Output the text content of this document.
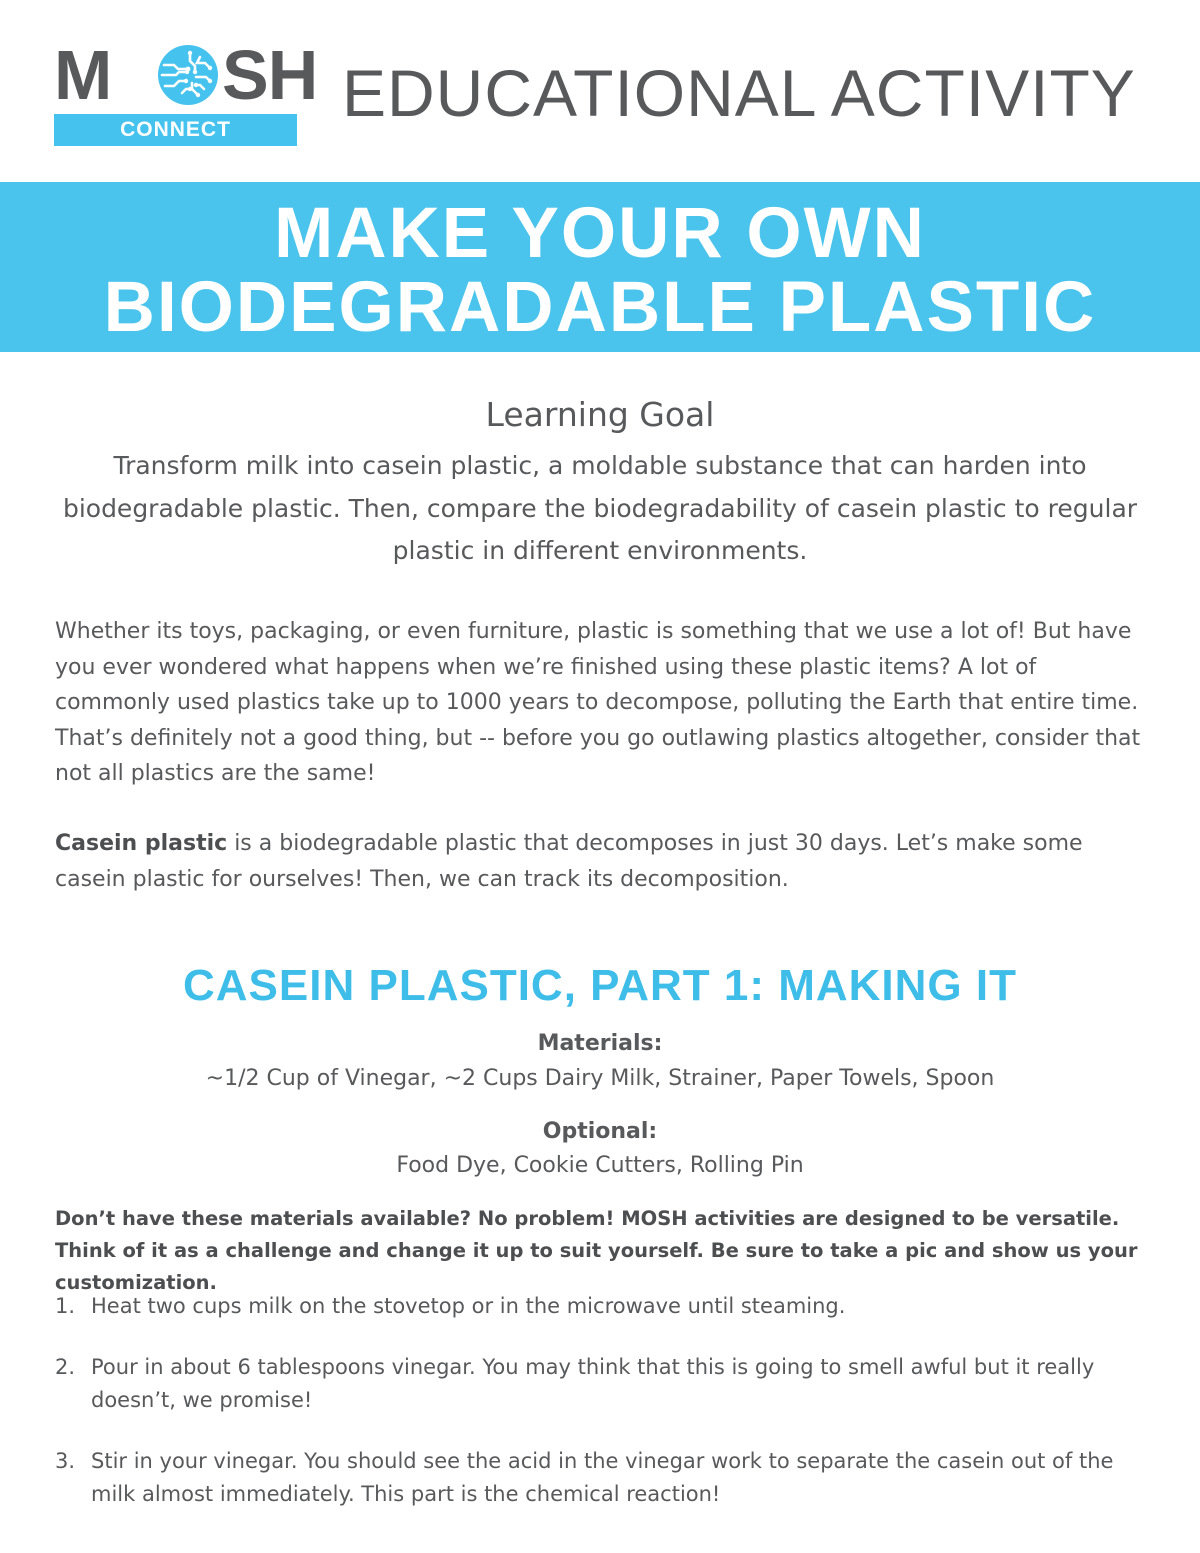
M SH
CONNECT	EDUCATIONAL ACTIVITY
MAKE YOUR OWN
BIODEGRADABLE PLASTIC
Learning Goal
Transform milk into casein plastic, a moldable substance that can harden into biodegradable plastic. Then, compare the biodegradability of casein plastic to regular plastic in different environments.
Whether its toys, packaging, or even furniture, plastic is something that we use a lot of! But have you ever wondered what happens when we’re finished using these plastic items? A lot of commonly used plastics take up to 1000 years to decompose, polluting the Earth that entire time. That’s definitely not a good thing, but -- before you go outlawing plastics altogether, consider that not all plastics are the same!
Casein plastic is a biodegradable plastic that decomposes in just 30 days. Let’s make some casein plastic for ourselves! Then, we can track its decomposition.
CASEIN PLASTIC, PART 1: MAKING IT
Materials:
~1/2 Cup of Vinegar, ~2 Cups Dairy Milk, Strainer, Paper Towels, Spoon
Optional:
Food Dye, Cookie Cutters, Rolling Pin
Don’t have these materials available? No problem! MOSH activities are designed to be versatile. Think of it as a challenge and change it up to suit yourself. Be sure to take a pic and show us your customization.
1. Heat two cups milk on the stovetop or in the microwave until steaming.
2. Pour in about 6 tablespoons vinegar. You may think that this is going to smell awful but it really doesn’t, we promise!
3. Stir in your vinegar. You should see the acid in the vinegar work to separate the casein out of the milk almost immediately. This part is the chemical reaction!
